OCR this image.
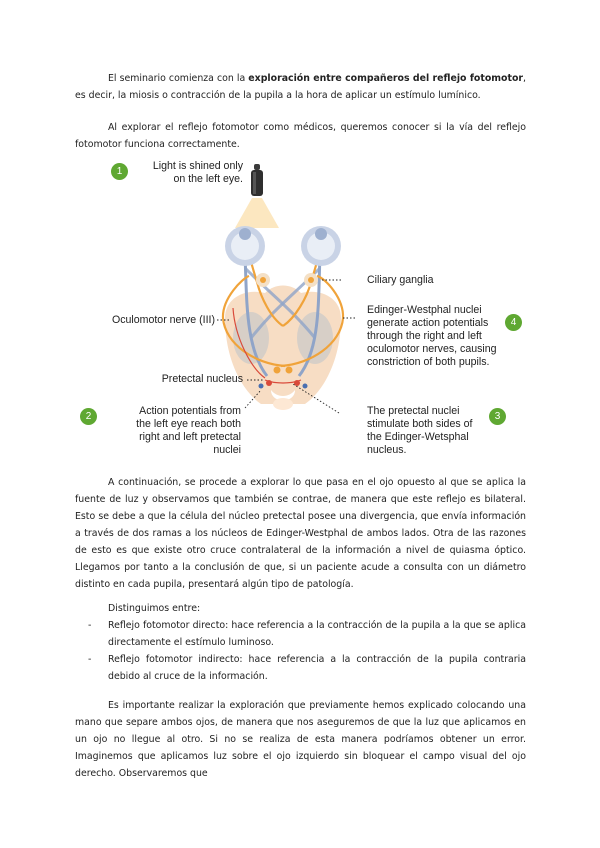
El seminario comienza con la exploración entre compañeros del reflejo fotomotor, es decir, la miosis o contracción de la pupila a la hora de aplicar un estímulo lumínico.

Al explorar el reflejo fotomotor como médicos, queremos conocer si la vía del reflejo fotomotor funciona correctamente.

1	Light is shined only
on the left eye.

Ciliary ganglia

Oculomotor nerve (III)

Edinger-Westphal nuclei
generate action potentials
through the right and left
oculomotor nerves, causing
constriction of both pupils.

4

Pretectal nucleus

2	Action potentials from
the left eye reach both
right and left pretectal
nuclei

The pretectal nuclei
stimulate both sides of
the Edinger-Wetsphal
nucleus.

3

A continuación, se procede a explorar lo que pasa en el ojo opuesto al que se aplica la fuente de luz y observamos que también se contrae, de manera que este reflejo es bilateral. Esto se debe a que la célula del núcleo pretectal posee una divergencia, que envía información a través de dos ramas a los núcleos de Edinger-Westphal de ambos lados. Otra de las razones de esto es que existe otro cruce contralateral de la información a nivel de quiasma óptico. Llegamos por tanto a la conclusión de que, si un paciente acude a consulta con un diámetro distinto en cada pupila, presentará algún tipo de patología.

Distinguimos entre:

- Reflejo fotomotor directo: hace referencia a la contracción de la pupila a la que se aplica directamente el estímulo luminoso.
- Reflejo fotomotor indirecto: hace referencia a la contracción de la pupila contraria debido al cruce de la información.

Es importante realizar la exploración que previamente hemos explicado colocando una mano que separe ambos ojos, de manera que nos aseguremos de que la luz que aplicamos en un ojo no llegue al otro. Si no se realiza de esta manera podríamos obtener un error. Imaginemos que aplicamos luz sobre el ojo izquierdo sin bloquear el campo visual del ojo derecho. Observaremos que
